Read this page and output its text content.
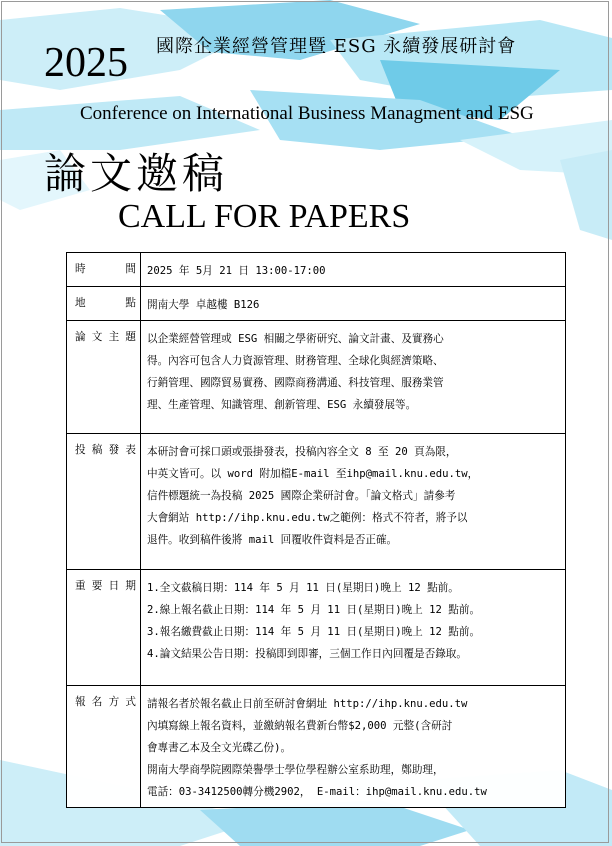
2025 國際企業經營管理暨 ESG 永續發展研討會
Conference on International Business Managment and ESG
論文邀稿
CALL FOR PAPERS
時間	2025 年 5月 21 日 13:00-17:00

地點	開南大學 卓越樓 B126

論文主題	以企業經營管理或 ESG 相關之學術研究、論文計畫、及實務心
得。內容可包含人力資源管理、財務管理、全球化與經濟策略、
行銷管理、國際貿易實務、國際商務溝通、科技管理、服務業管
理、生產管理、知識管理、創新管理、ESG 永續發展等。

投稿發表	本研討會可採口頭或張掛發表，投稿內容全文 8 至 20 頁為限，
中英文皆可。以 word 附加檔E-mail 至ihp@mail.knu.edu.tw，
信件標題統一為投稿 2025 國際企業研討會。「論文格式」請參考
大會網站 http://ihp.knu.edu.tw之範例：格式不符者，將予以
退件。收到稿件後將 mail 回覆收件資料是否正確。

重要日期	1.全文截稿日期：114 年 5 月 11 日(星期日)晚上 12 點前。
2.線上報名截止日期：114 年 5 月 11 日(星期日)晚上 12 點前。
3.報名繳費截止日期：114 年 5 月 11 日(星期日)晚上 12 點前。
4.論文結果公告日期：投稿即到即審，三個工作日內回覆是否錄取。

報名方式	請報名者於報名截止日前至研討會網址 http://ihp.knu.edu.tw
內填寫線上報名資料，並繳納報名費新台幣$2,000 元整(含研討
會專書乙本及全文光碟乙份)。
開南大學商學院國際榮譽學士學位學程辦公室系助理，鄭助理，
電話：03-3412500轉分機2902， E-mail：ihp@mail.knu.edu.tw
